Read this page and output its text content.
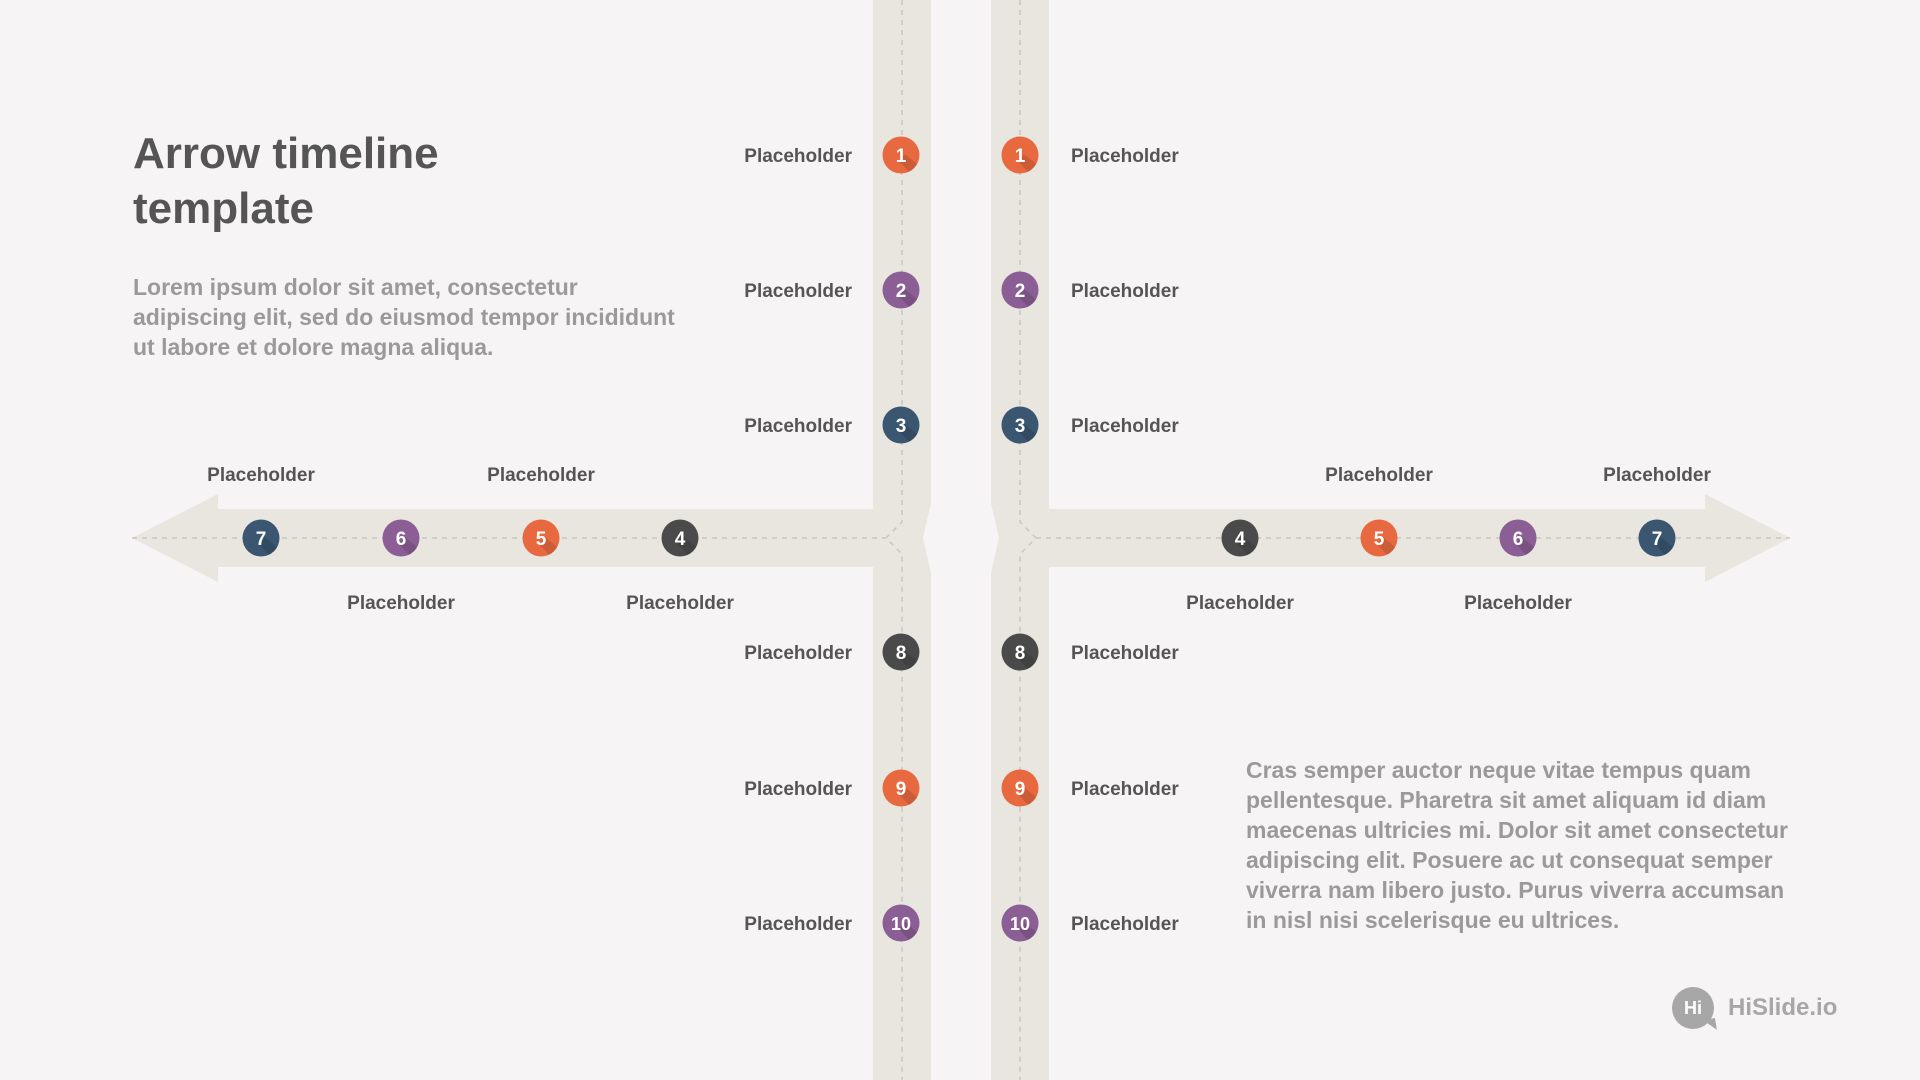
1
Placeholder
2
Placeholder
3
Placeholder
8
Placeholder
9
Placeholder
10
Placeholder
1 Placeholder
2 Placeholder
3 Placeholder
8 Placeholder
9 Placeholder
10 Placeholder
4
Placeholder
5
Placeholder
6
Placeholder
7
Placeholder
4
Placeholder
5
Placeholder
6
Placeholder
7
Placeholder
Arrow timeline
template

Lorem ipsum dolor sit amet, consectetur adipiscing elit, sed do eiusmod tempor incididunt ut labore et dolore magna aliqua.

Cras semper auctor neque vitae tempus quam pellentesque. Pharetra sit amet aliquam id diam maecenas ultricies mi. Dolor sit amet consectetur adipiscing elit. Posuere ac ut consequat semper viverra nam libero justo. Purus viverra accumsan in nisl nisi scelerisque eu ultrices.

Hi	HiSlide.io
